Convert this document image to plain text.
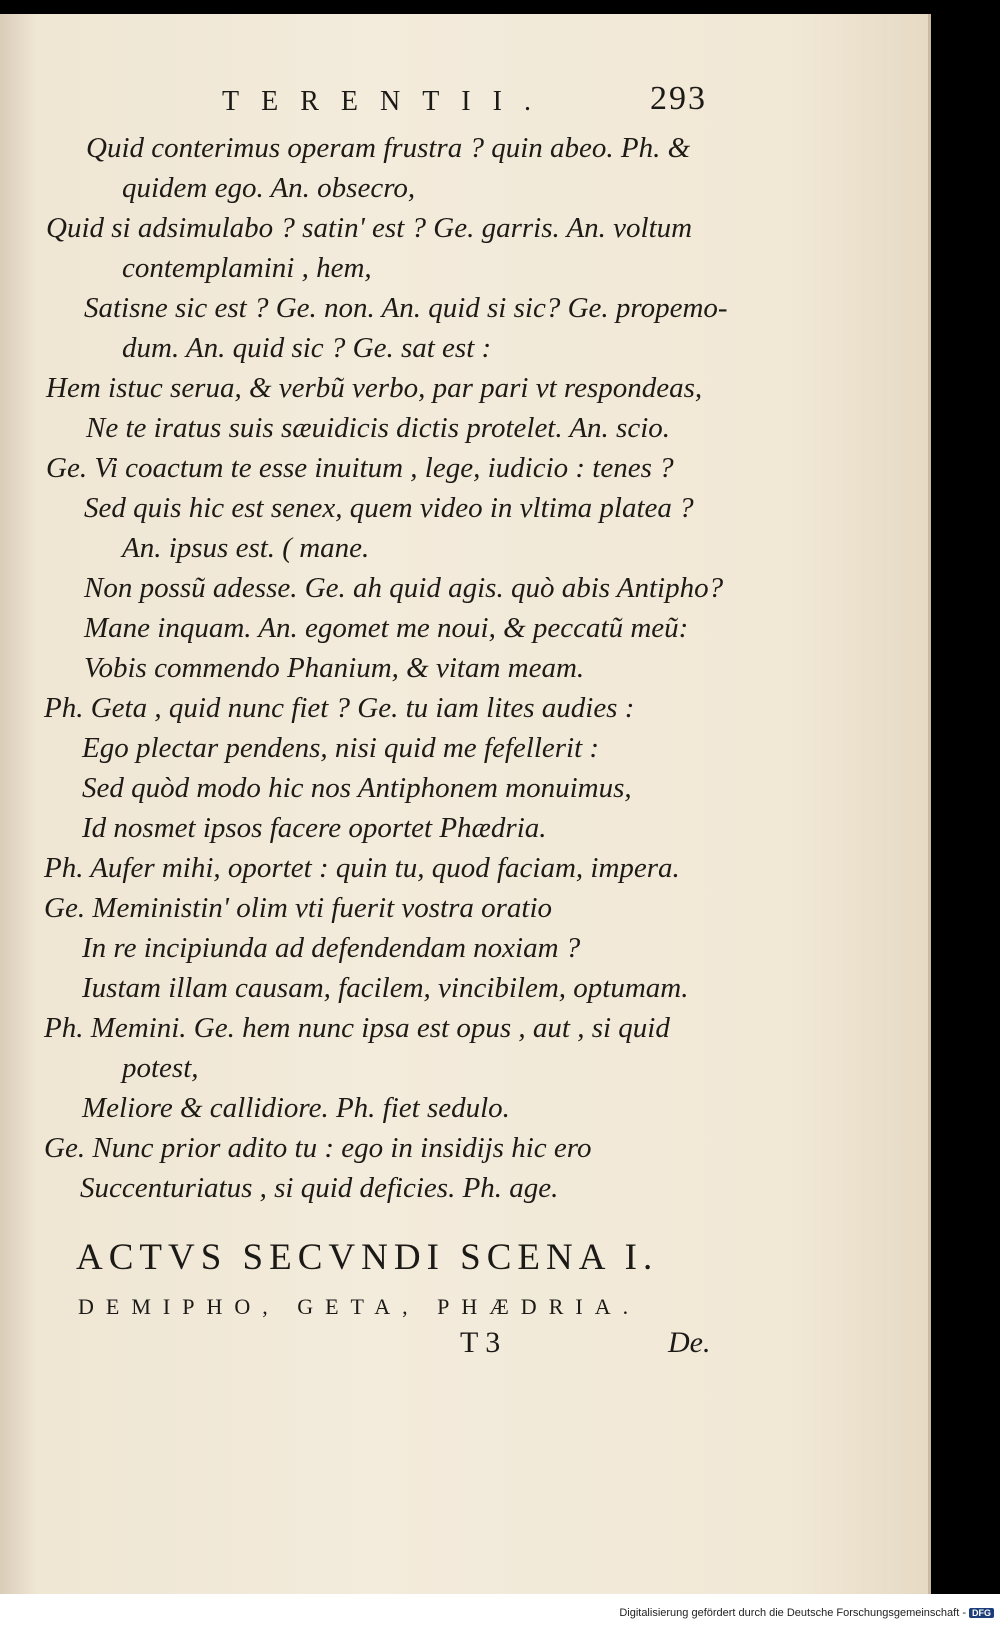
TERENTII.	293
Quid conterimus operam frustra ? quin abeo. Ph. &
quidem ego. An. obsecro,
Quid si adsimulabo ? satin' est ? Ge. garris. An. voltum
contemplamini , hem,
Satisne sic est ? Ge. non. An. quid si sic? Ge. propemo-
dum. An. quid sic ? Ge. sat est :
Hem istuc serua, & verbũ verbo, par pari vt respondeas,
Ne te iratus suis sæuidicis dictis protelet. An. scio.
Ge. Vi coactum te esse inuitum , lege, iudicio : tenes ?
Sed quis hic est senex, quem video in vltima platea ?
An. ipsus est. ( mane.
Non possũ adesse. Ge. ah quid agis. quò abis Antipho?
Mane inquam. An. egomet me noui, & peccatũ meũ:
Vobis commendo Phanium, & vitam meam.
Ph. Geta , quid nunc fiet ? Ge. tu iam lites audies :
Ego plectar pendens, nisi quid me fefellerit :
Sed quòd modo hic nos Antiphonem monuimus,
Id nosmet ipsos facere oportet Phædria.
Ph. Aufer mihi, oportet : quin tu, quod faciam, impera.
Ge. Meministin' olim vti fuerit vostra oratio
In re incipiunda ad defendendam noxiam ?
Iustam illam causam, facilem, vincibilem, optumam.
Ph. Memini. Ge. hem nunc ipsa est opus , aut , si quid
potest,
Meliore & callidiore. Ph. fiet sedulo.
Ge. Nunc prior adito tu : ego in insidijs hic ero
Succenturiatus , si quid deficies. Ph. age.
ACTVS SECVNDI SCENA I.
DEMIPHO, GETA, PHÆDRIA.
T 3	De.
Digitalisierung gefördert durch die Deutsche Forschungsgemeinschaft - DFG
